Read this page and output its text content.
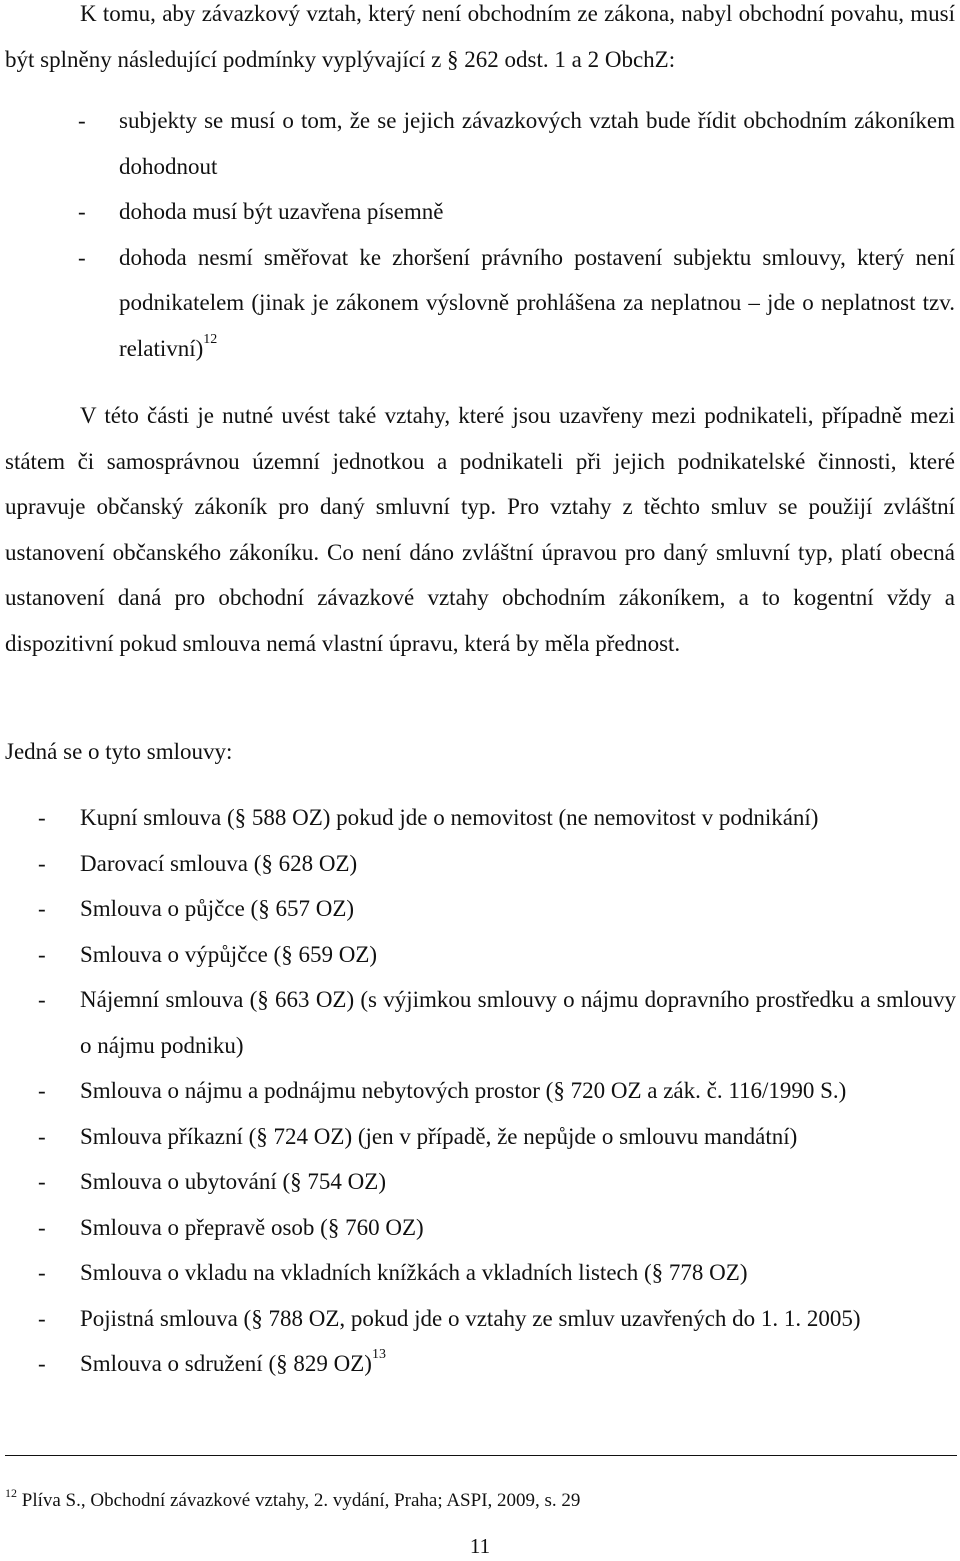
K tomu, aby závazkový vztah, který není obchodním ze zákona, nabyl obchodní povahu, musí být splněny následující podmínky vyplývající z § 262 odst. 1 a 2 ObchZ:

- subjekty se musí o tom, že se jejich závazkových vztah bude řídit obchodním zákoníkem dohodnout
- dohoda musí být uzavřena písemně
- dohoda nesmí směřovat ke zhoršení právního postavení subjektu smlouvy, který není podnikatelem (jinak je zákonem výslovně prohlášena za neplatnou – jde o neplatnost tzv. relativní)$^{12}$

V této části je nutné uvést také vztahy, které jsou uzavřeny mezi podnikateli, případně mezi státem či samosprávnou územní jednotkou a podnikateli při jejich podnikatelské činnosti, které upravuje občanský zákoník pro daný smluvní typ. Pro vztahy z těchto smluv se použijí zvláštní ustanovení občanského zákoníku. Co není dáno zvláštní úpravou pro daný smluvní typ, platí obecná ustanovení daná pro obchodní závazkové vztahy obchodním zákoníkem, a to kogentní vždy a dispozitivní pokud smlouva nemá vlastní úpravu, která by měla přednost.

Jedná se o tyto smlouvy:

- Kupní smlouva (§ 588 OZ) pokud jde o nemovitost (ne nemovitost v podnikání)
- Darovací smlouva (§ 628 OZ)
- Smlouva o půjčce (§ 657 OZ)
- Smlouva o výpůjčce (§ 659 OZ)
- Nájemní smlouva (§ 663 OZ) (s výjimkou smlouvy o nájmu dopravního prostředku a smlouvy o nájmu podniku)
- Smlouva o nájmu a podnájmu nebytových prostor (§ 720 OZ a zák. č. 116/1990 S.)
- Smlouva příkazní (§ 724 OZ) (jen v případě, že nepůjde o smlouvu mandátní)
- Smlouva o ubytování (§ 754 OZ)
- Smlouva o přepravě osob (§ 760 OZ)
- Smlouva o vkladu na vkladních knížkách a vkladních listech (§ 778 OZ)
- Pojistná smlouva (§ 788 OZ, pokud jde o vztahy ze smluv uzavřených do 1. 1. 2005)
- Smlouva o sdružení (§ 829 OZ)$^{13}$

$^{12}$ Plíva S., Obchodní závazkové vztahy, 2. vydání, Praha; ASPI, 2009, s. 29

11
